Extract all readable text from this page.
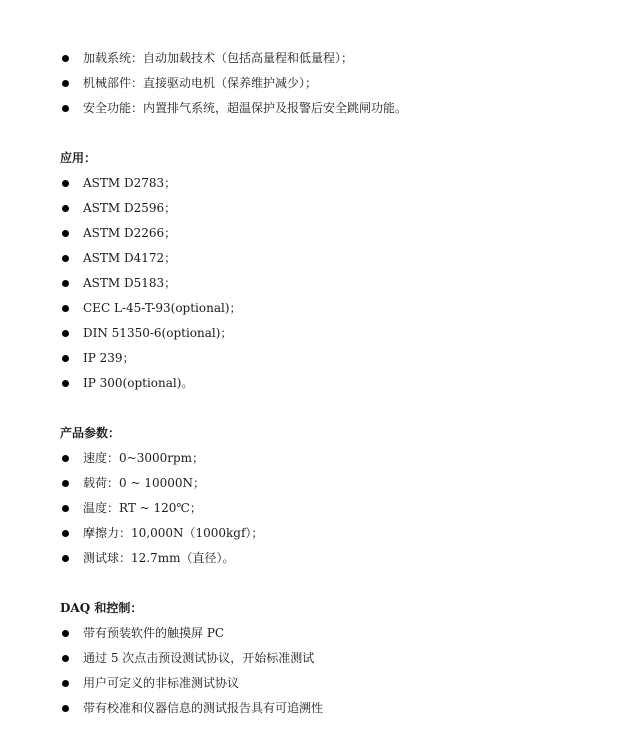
加载系统：自动加载技术（包括高量程和低量程）；
机械部件：直接驱动电机（保养维护减少）；
安全功能：内置排气系统，超温保护及报警后安全跳闸功能。
应用：
ASTM D2783；
ASTM D2596；
ASTM D2266；
ASTM D4172；
ASTM D5183；
CEC L-45-T-93(optional)；
DIN 51350-6(optional)；
IP 239；
IP 300(optional)。
产品参数：
速度：0~3000rpm；
载荷：0 ~ 10000N；
温度：RT ~ 120℃；
摩擦力：10,000N（1000kgf）；
测试球：12.7mm（直径）。
DAQ 和控制：
带有预装软件的触摸屏 PC
通过 5 次点击预设测试协议，开始标准测试
用户可定义的非标准测试协议
带有校准和仪器信息的测试报告具有可追溯性
